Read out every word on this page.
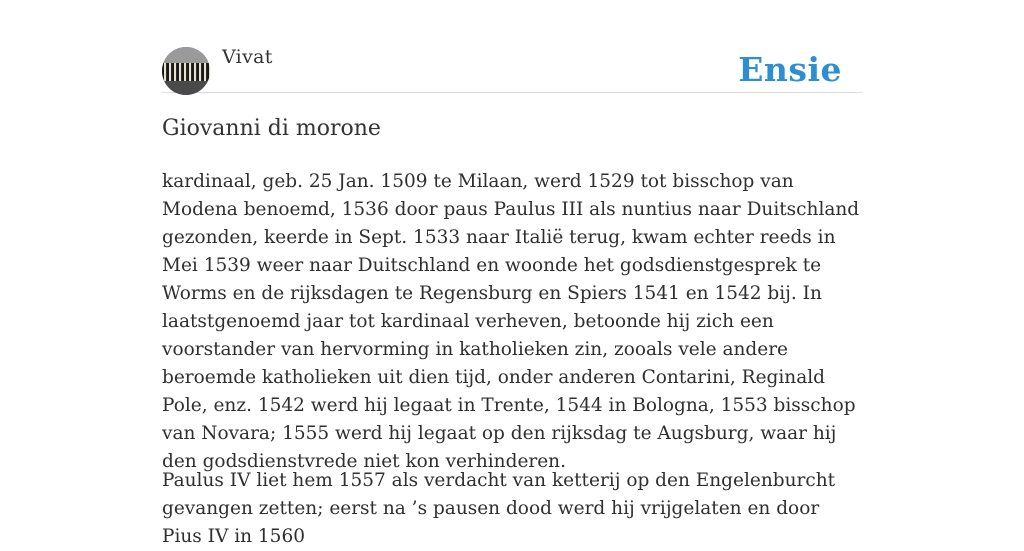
Vivat	Ensie
Giovanni di morone

kardinaal, geb. 25 Jan. 1509 te Milaan, werd 1529 tot bisschop van Modena benoemd, 1536 door paus Paulus III als nuntius naar Duitschland gezonden, keerde in Sept. 1533 naar Italië terug, kwam echter reeds in Mei 1539 weer naar Duitschland en woonde het godsdienstgesprek te Worms en de rijksdagen te Regensburg en Spiers 1541 en 1542 bij. In laatstgenoemd jaar tot kardinaal verheven, betoonde hij zich een voorstander van hervorming in katholieken zin, zooals vele andere beroemde katholieken uit dien tijd, onder anderen Contarini, Reginald Pole, enz. 1542 werd hij legaat in Trente, 1544 in Bologna, 1553 bisschop van Novara; 1555 werd hij legaat op den rijksdag te Augsburg, waar hij den godsdienstvrede niet kon verhinderen.

Paulus IV liet hem 1557 als verdacht van ketterij op den Engelenburcht gevangen zetten; eerst na ’s pausen dood werd hij vrijgelaten en door Pius IV in 1560
